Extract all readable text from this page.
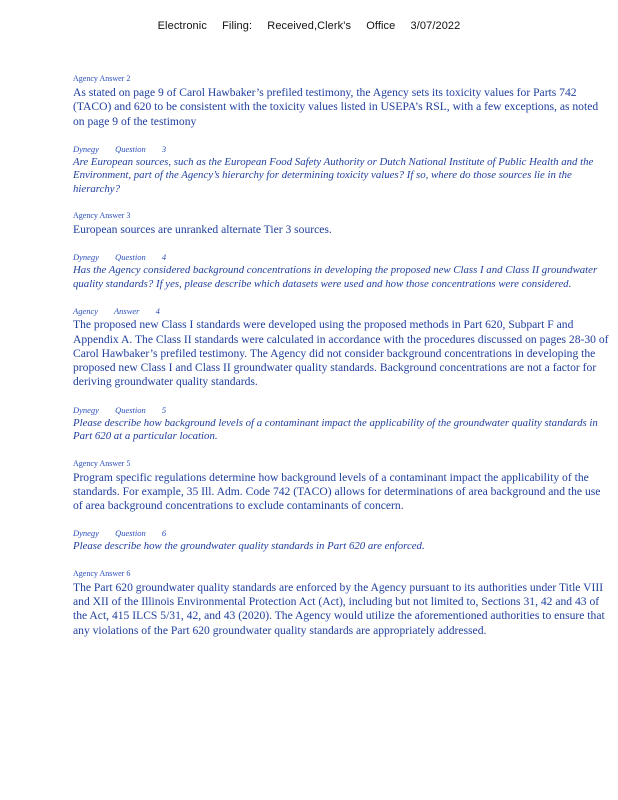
Electronic Filing: Received,Clerk's Office 3/07/2022
Agency Answer 2

As stated on page 9 of Carol Hawbaker’s prefiled testimony, the Agency sets its toxicity values for Parts 742 (TACO) and 620 to be consistent with the toxicity values listed in USEPA’s RSL, with a few exceptions, as noted on page 9 of the testimony

Dynegy Question 3

Are European sources, such as the European Food Safety Authority or Dutch National Institute of Public Health and the Environment, part of the Agency’s hierarchy for determining toxicity values? If so, where do those sources lie in the hierarchy?

Agency Answer 3

European sources are unranked alternate Tier 3 sources.

Dynegy Question 4

Has the Agency considered background concentrations in developing the proposed new Class I and Class II groundwater quality standards? If yes, please describe which datasets were used and how those concentrations were considered.

Agency Answer 4

The proposed new Class I standards were developed using the proposed methods in Part 620, Subpart F and Appendix A. The Class II standards were calculated in accordance with the procedures discussed on pages 28-30 of Carol Hawbaker’s prefiled testimony. The Agency did not consider background concentrations in developing the proposed new Class I and Class II groundwater quality standards. Background concentrations are not a factor for deriving groundwater quality standards.

Dynegy Question 5

Please describe how background levels of a contaminant impact the applicability of the groundwater quality standards in Part 620 at a particular location.

Agency Answer 5

Program specific regulations determine how background levels of a contaminant impact the applicability of the standards. For example, 35 Ill. Adm. Code 742 (TACO) allows for determinations of area background and the use of area background concentrations to exclude contaminants of concern.

Dynegy Question 6

Please describe how the groundwater quality standards in Part 620 are enforced.

Agency Answer 6

The Part 620 groundwater quality standards are enforced by the Agency pursuant to its authorities under Title VIII and XII of the Illinois Environmental Protection Act (Act), including but not limited to, Sections 31, 42 and 43 of the Act, 415 ILCS 5/31, 42, and 43 (2020). The Agency would utilize the aforementioned authorities to ensure that any violations of the Part 620 groundwater quality standards are appropriately addressed.
